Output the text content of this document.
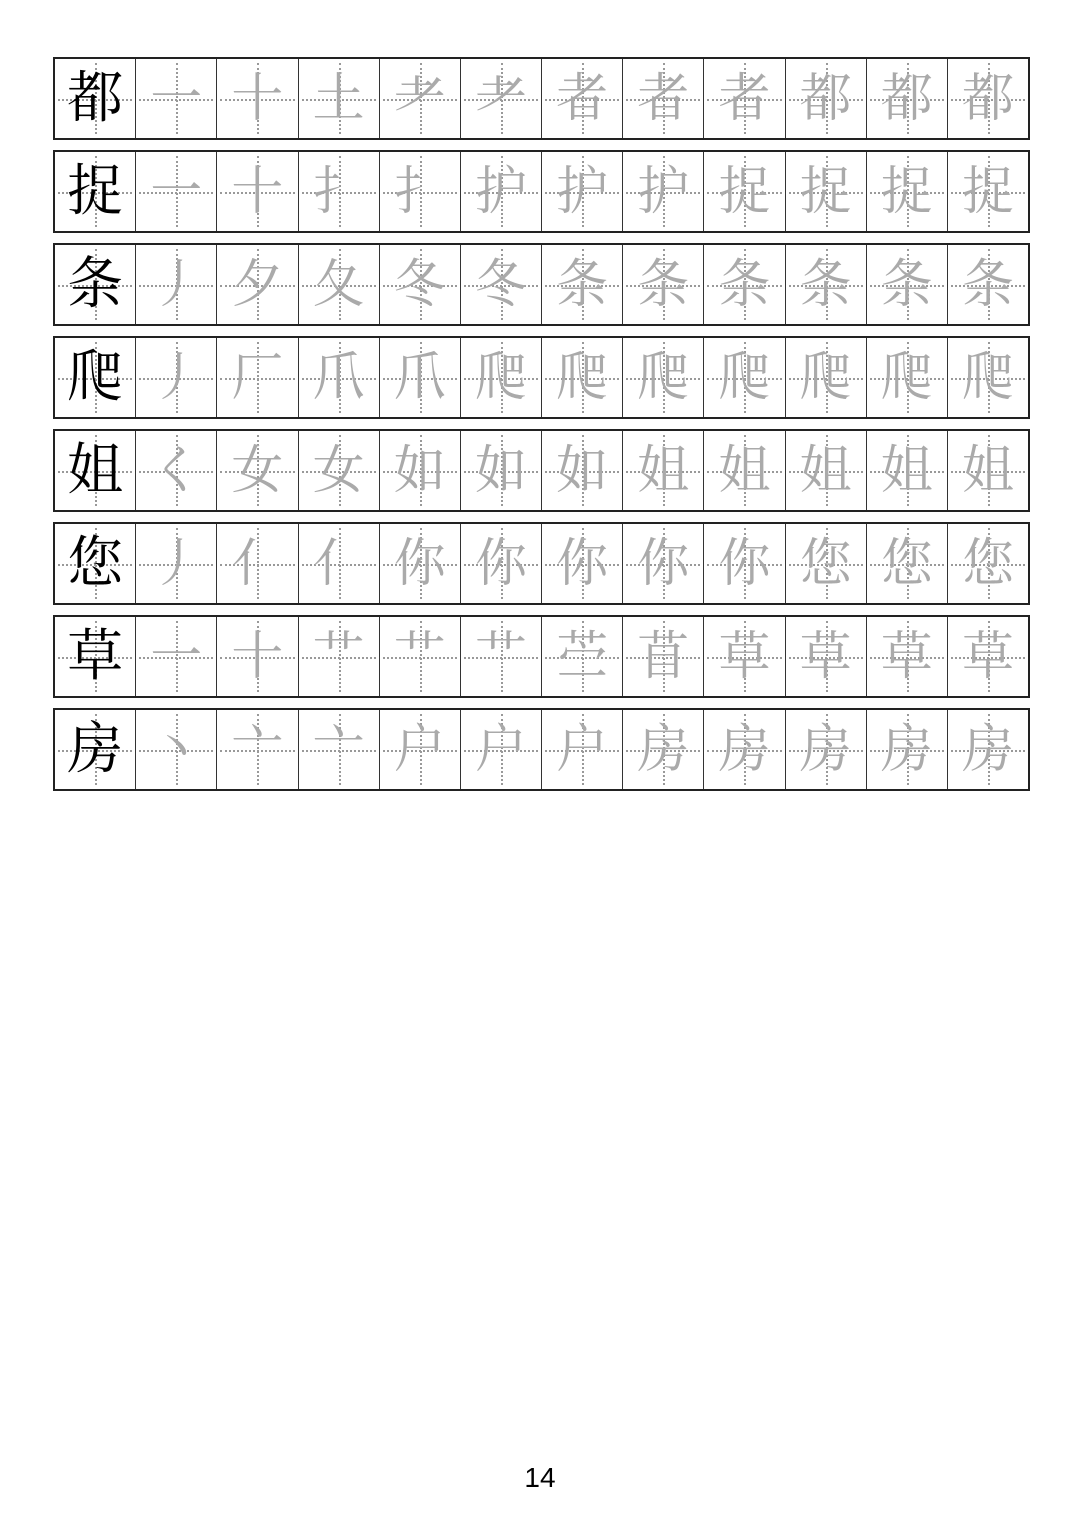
都 一 十 土 耂 耂 者 者 者 都 都 都
捉 一 十 扌 扌 护 护 护 捉 捉 捉 捉
条 丿 夕 夂 冬 冬 条 条 条 条 条 条
爬 丿 厂 爪 爪 爬 爬 爬 爬 爬 爬 爬
姐 く 女 女 如 如 如 姐 姐 姐 姐 姐
您 丿 亻 亻 你 你 你 你 你 您 您 您
草 一 十 艹 艹 艹 苎 苜 草 草 草 草
房 丶 亠 亠 户 户 户 房 房 房 房 房
14
